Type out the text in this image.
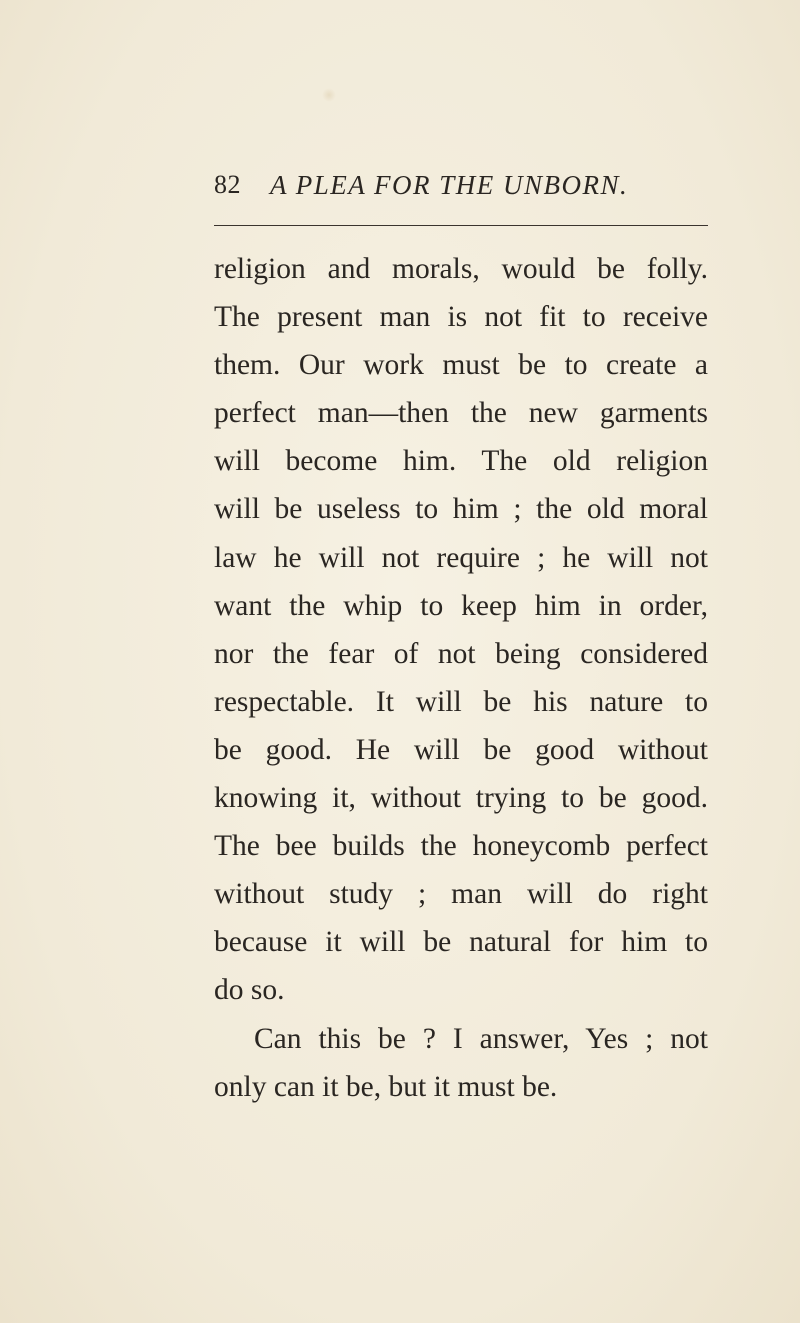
82 A PLEA FOR THE UNBORN.
religion and morals, would be folly.
The present man is not fit to receive
them. Our work must be to create a
perfect man—then the new garments
will become him. The old religion
will be useless to him ; the old moral
law he will not require ; he will not
want the whip to keep him in order,
nor the fear of not being considered
respectable. It will be his nature to
be good. He will be good without
knowing it, without trying to be good.
The bee builds the honeycomb perfect
without study ; man will do right
because it will be natural for him to
do so.
Can this be ? I answer, Yes ; not
only can it be, but it must be.
